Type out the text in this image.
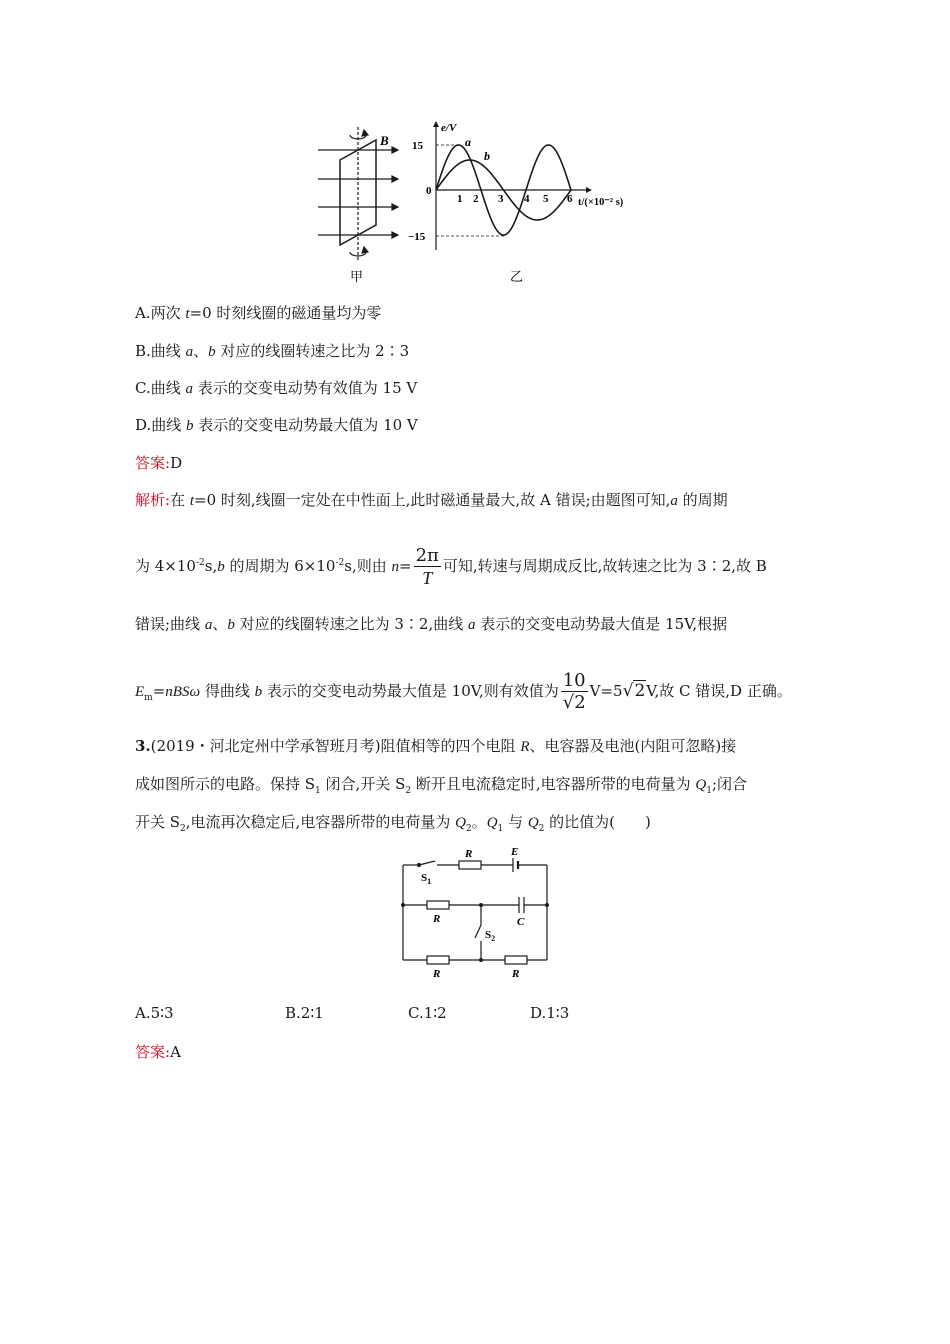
B
甲
e/V
15
0
−15
1 2 3 4 5 6 t/(×10⁻² s)
a
b
乙
A.两次 t=0 时刻线圈的磁通量均为零
B.曲线 a、b 对应的线圈转速之比为 2∶3
C.曲线 a 表示的交变电动势有效值为 15 V
D.曲线 b 表示的交变电动势最大值为 10 V
答案:D
解析:在 t=0 时刻,线圈一定处在中性面上,此时磁通量最大,故 A 错误;由题图可知,a 的周期
为 $4\times 10^{-2}s,b$ 的周期为 $6\times 10^{-2}s$,则由 $n= \frac{2\pi}{T}$ 可知,转速与周期成反比,故转速之比为 3∶2,故 B
错误;曲线 a、b 对应的线圈转速之比为 3∶2,曲线 a 表示的交变电动势最大值是 15V,根据
$E_m=nBS\omega$ 得曲线 b 表示的交变电动势最大值是 10V,则有效值为 $\frac{10}{√2} V=5√2V$,故 C 错误,D 正确。
3.(2019・河北定州中学承智班月考)阻值相等的四个电阻 R、电容器及电池(内阻可忽略)接
成如图所示的电路。保持 $S_1$ 闭合,开关 $S_2$ 断开且电流稳定时,电容器所带的电荷量为 $Q_1$;闭合
开关 $S_2$,电流再次稳定后,电容器所带的电荷量为 $Q_2$。$Q_1$ 与 $Q_2$ 的比值为(　　)
R	E
$S_1$
R	C
$S_2$
R	R
A.5∶3	B.2∶1	C.1∶2	D.1∶3
答案:A
